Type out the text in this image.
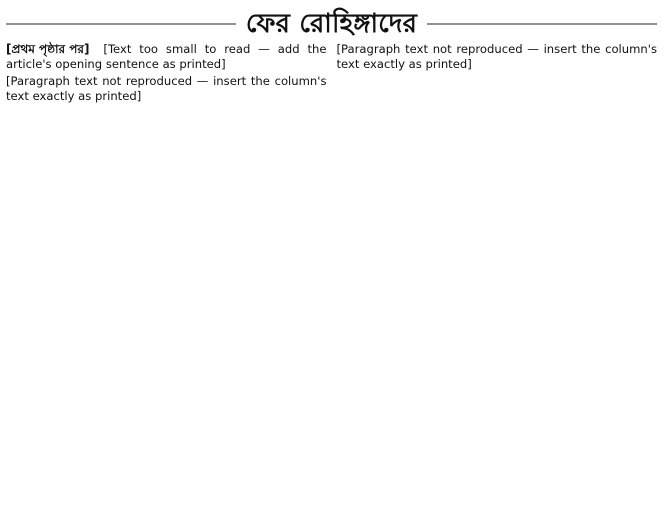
ফের রোহিঙ্গাদের

[প্রথম পৃষ্ঠার পর] [Text too small to read — add the article's opening sentence as printed]

[Paragraph text not reproduced — insert the column's text exactly as printed]

[Paragraph text not reproduced — insert the column's text exactly as printed]
